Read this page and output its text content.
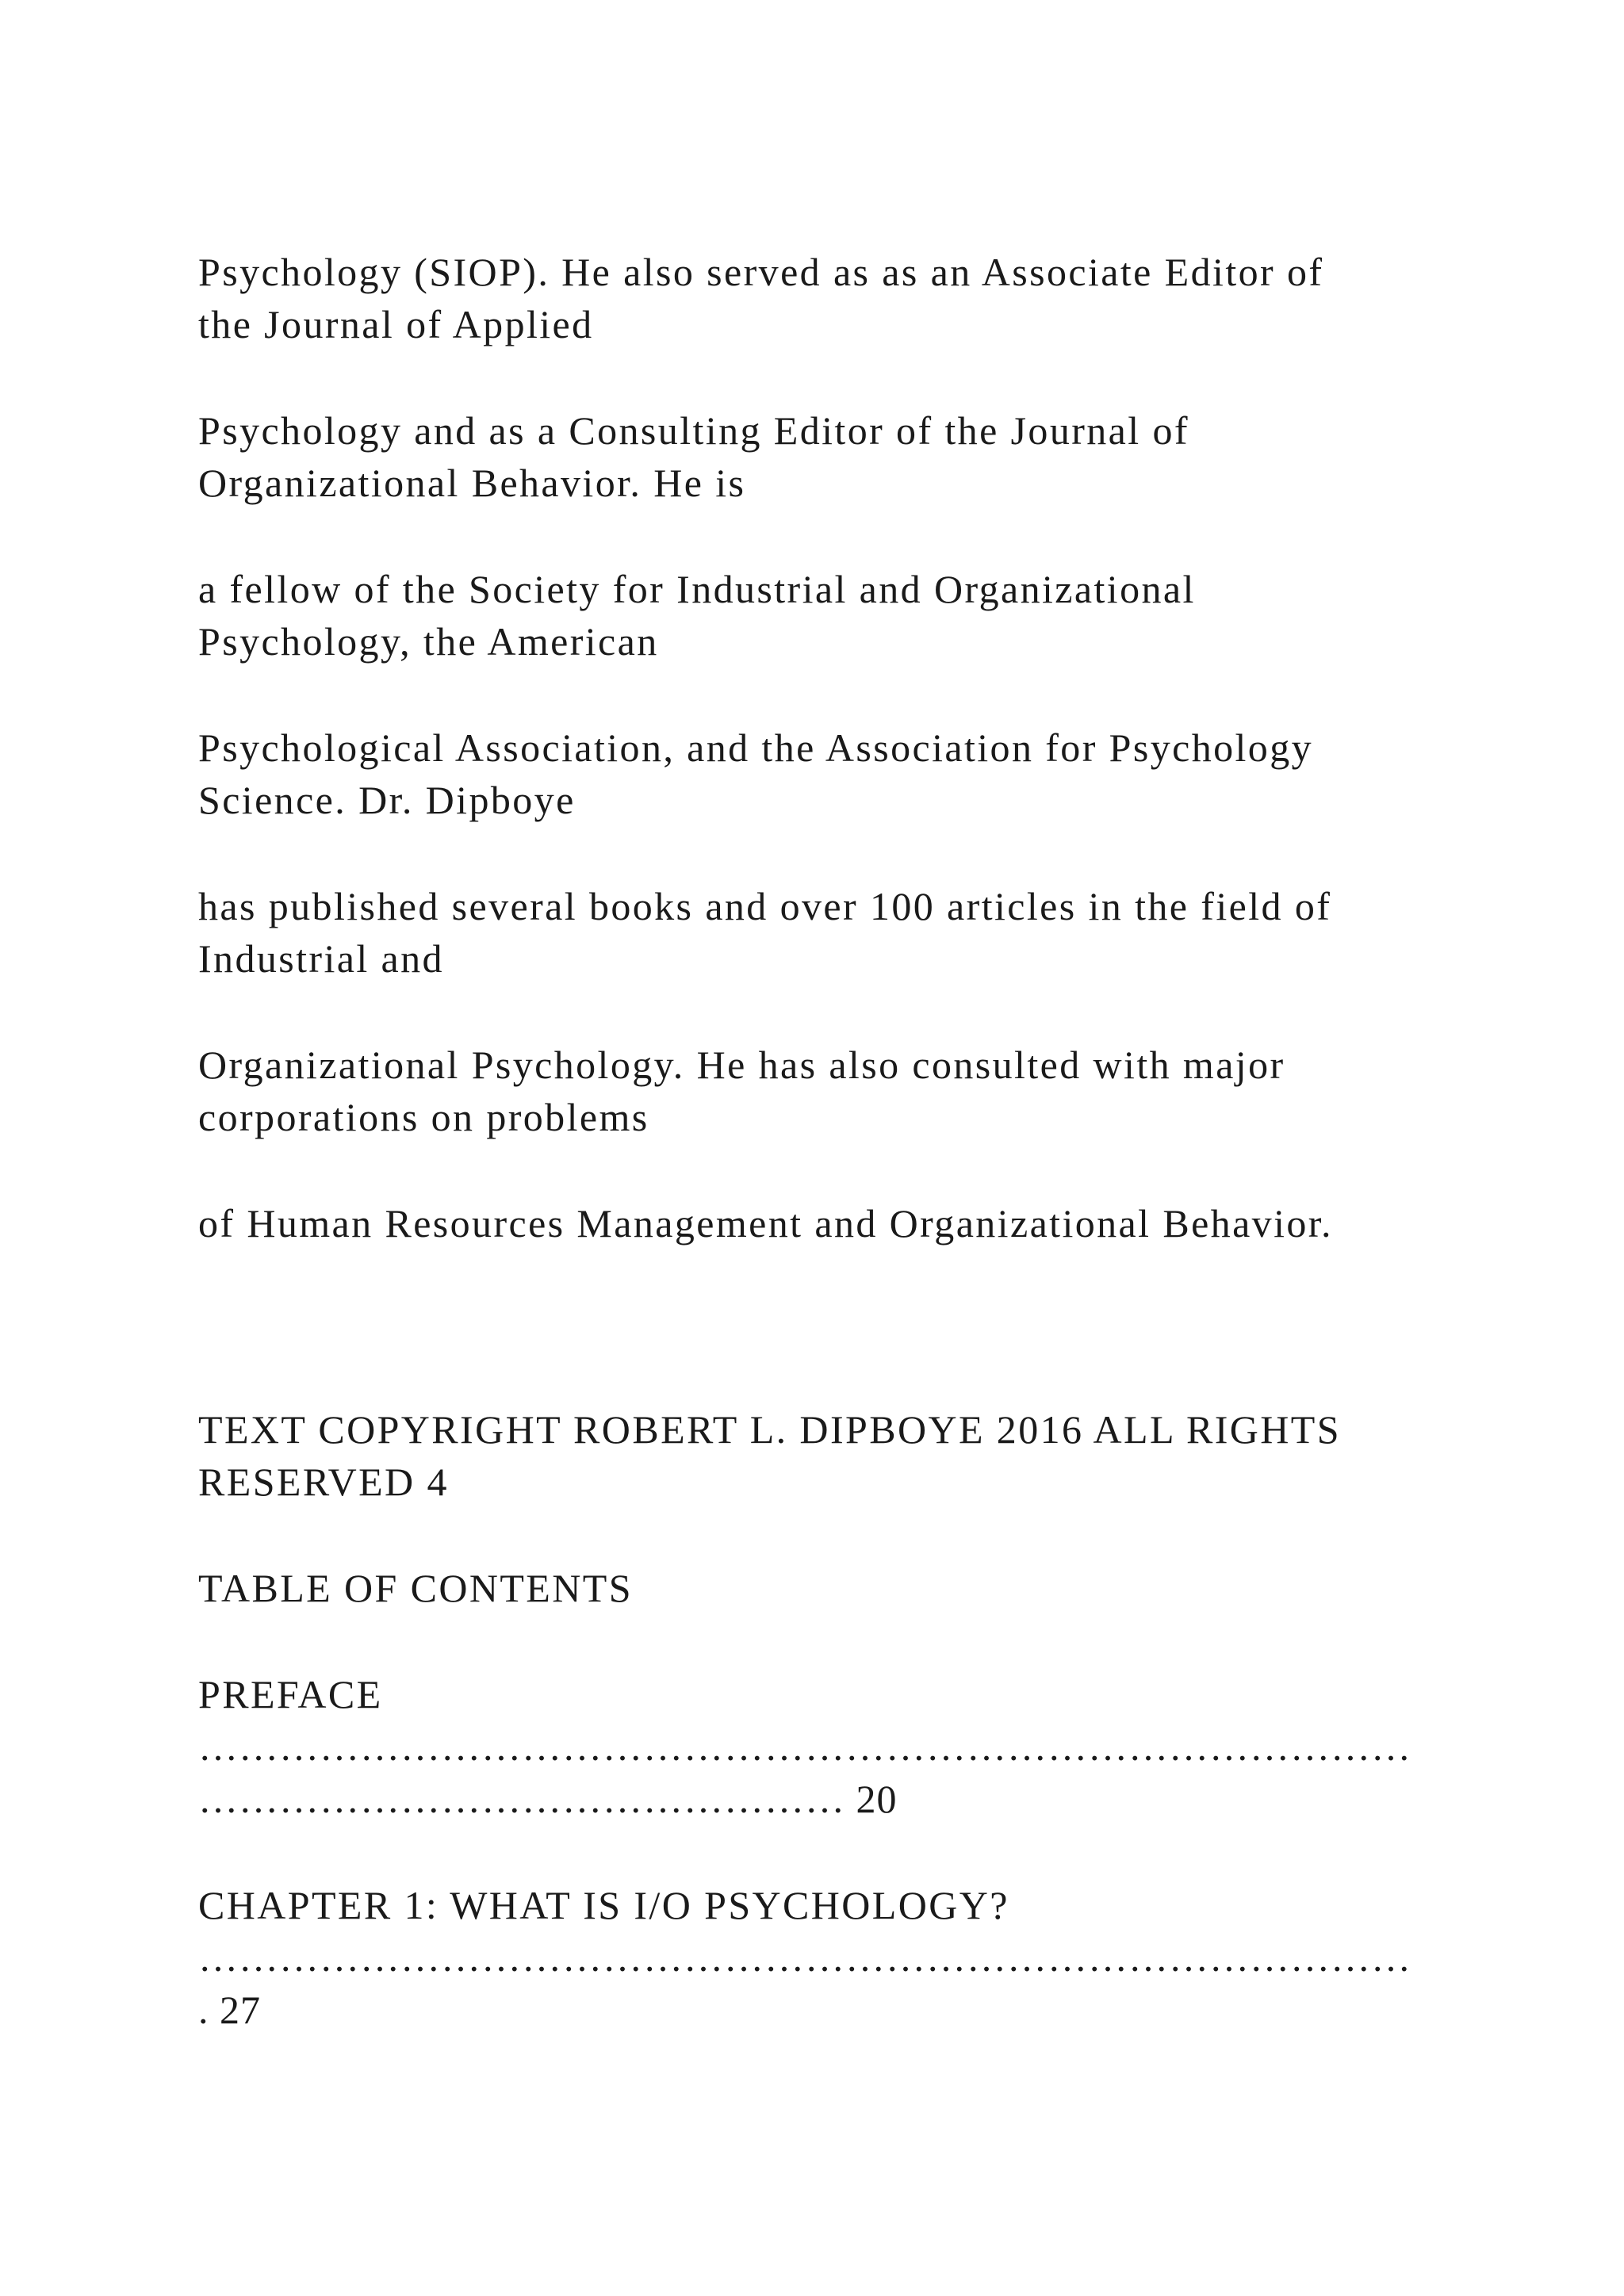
Psychology (SIOP). He also served as as an Associate Editor of
the Journal of Applied

Psychology and as a Consulting Editor of the Journal of
Organizational Behavior. He is

a fellow of the Society for Industrial and Organizational
Psychology, the American

Psychological Association, and the Association for Psychology
Science. Dr. Dipboye

has published several books and over 100 articles in the field of
Industrial and

Organizational Psychology. He has also consulted with major
corporations on problems

of Human Resources Management and Organizational Behavior.

TEXT COPYRIGHT ROBERT L. DIPBOYE 2016 ALL RIGHTS
RESERVED 4

TABLE OF CONTENTS

PREFACE
………………………………………………………………………………
………………………………………… 20

CHAPTER 1: WHAT IS I/O PSYCHOLOGY?
………………………………………………………………………………
. 27
